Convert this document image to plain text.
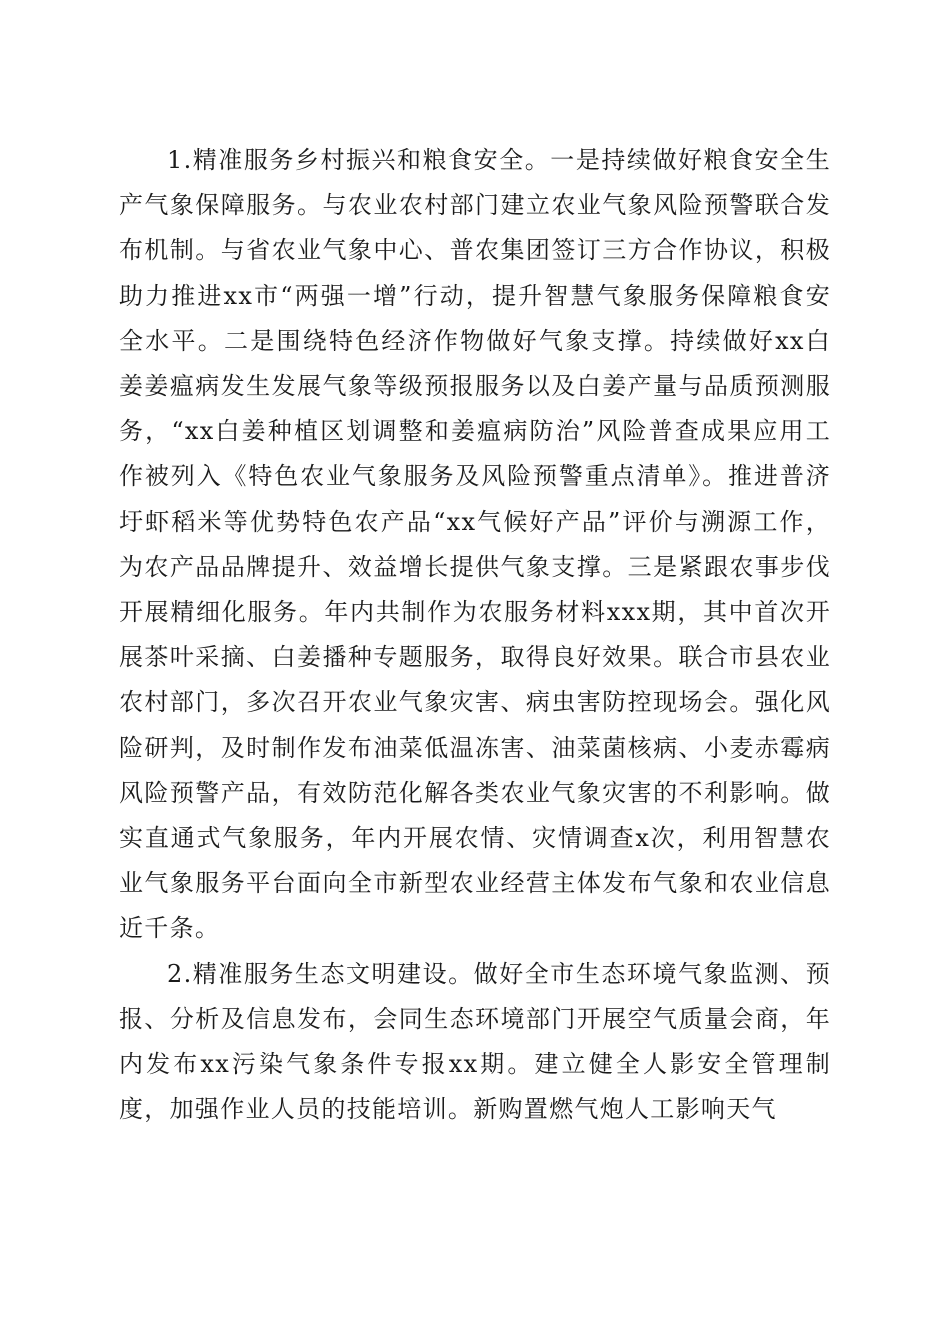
1.精准服务乡村振兴和粮食安全。一是持续做好粮食安全生产气象保障服务。与农业农村部门建立农业气象风险预警联合发布机制。与省农业气象中心、普农集团签订三方合作协议，积极助力推进xx市“两强一增”行动，提升智慧气象服务保障粮食安全水平。二是围绕特色经济作物做好气象支撑。持续做好xx白姜姜瘟病发生发展气象等级预报服务以及白姜产量与品质预测服务，“xx白姜种植区划调整和姜瘟病防治”风险普查成果应用工作被列入《特色农业气象服务及风险预警重点清单》。推进普济圩虾稻米等优势特色农产品“xx气候好产品”评价与溯源工作，为农产品品牌提升、效益增长提供气象支撑。三是紧跟农事步伐开展精细化服务。年内共制作为农服务材料xxx期，其中首次开展茶叶采摘、白姜播种专题服务，取得良好效果。联合市县农业农村部门，多次召开农业气象灾害、病虫害防控现场会。强化风险研判，及时制作发布油菜低温冻害、油菜菌核病、小麦赤霉病风险预警产品，有效防范化解各类农业气象灾害的不利影响。做实直通式气象服务，年内开展农情、灾情调查x次，利用智慧农业气象服务平台面向全市新型农业经营主体发布气象和农业信息近千条。

2.精准服务生态文明建设。做好全市生态环境气象监测、预报、分析及信息发布，会同生态环境部门开展空气质量会商，年内发布xx污染气象条件专报xx期。建立健全人影安全管理制度，加强作业人员的技能培训。新购置燃气炮人工影响天气
